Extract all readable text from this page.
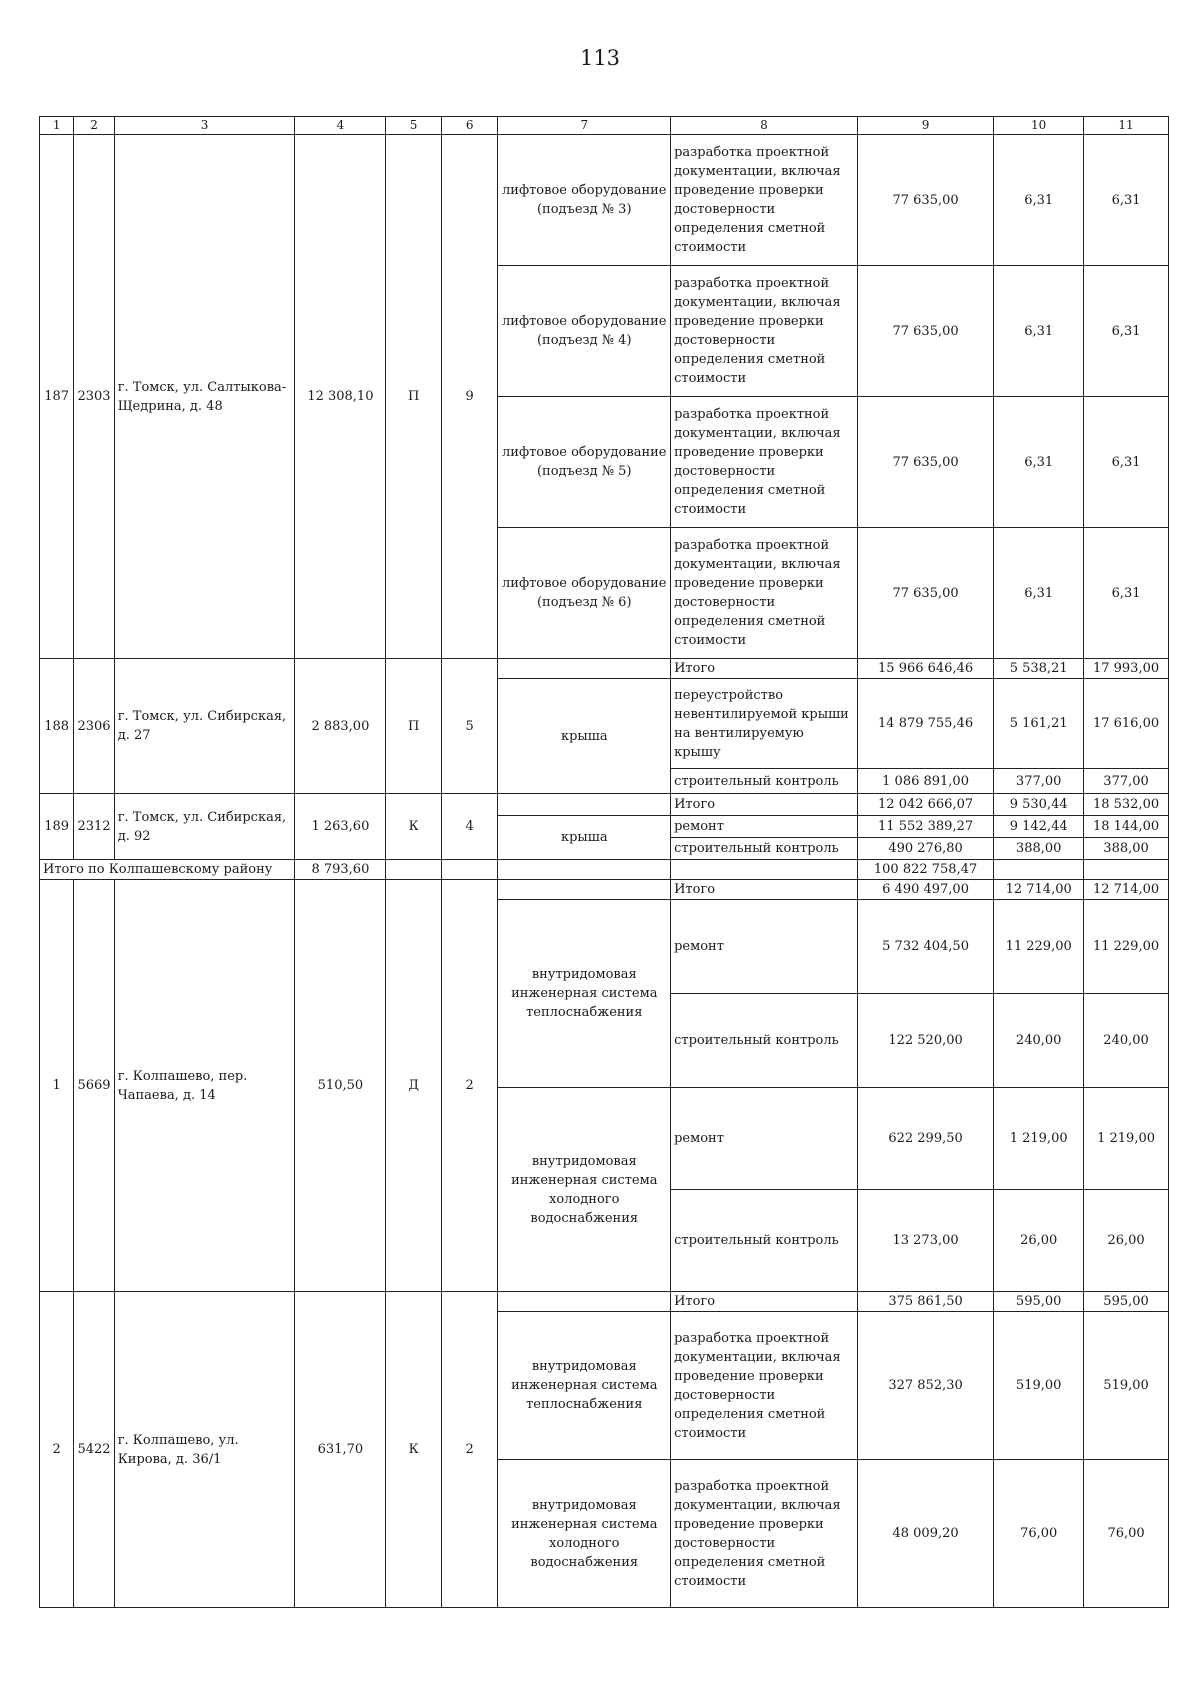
113
1	2	3	4	5	6	7	8	9	10	11
187	2303	г. Томск, ул. Салтыкова-Щедрина, д. 48	12 308,10	П	9	лифтовое оборудование (подъезд № 3)	разработка проектной документации, включая проведение проверки достоверности определения сметной стоимости	77 635,00	6,31	6,31
						лифтовое оборудование (подъезд № 4)	разработка проектной документации, включая проведение проверки достоверности определения сметной стоимости	77 635,00	6,31	6,31
						лифтовое оборудование (подъезд № 5)	разработка проектной документации, включая проведение проверки достоверности определения сметной стоимости	77 635,00	6,31	6,31
						лифтовое оборудование (подъезд № 6)	разработка проектной документации, включая проведение проверки достоверности определения сметной стоимости	77 635,00	6,31	6,31
188	2306	г. Томск, ул. Сибирская, д. 27	2 883,00	П	5		Итого	15 966 646,46	5 538,21	17 993,00
						крыша	переустройство невентилируемой крыши на вентилируемую крышу	14 879 755,46	5 161,21	17 616,00
							строительный контроль	1 086 891,00	377,00	377,00
189	2312	г. Томск, ул. Сибирская, д. 92	1 263,60	К	4		Итого	12 042 666,07	9 530,44	18 532,00
						крыша	ремонт	11 552 389,27	9 142,44	18 144,00
							строительный контроль	490 276,80	388,00	388,00
Итого по Колпашевскому району			8 793,60					100 822 758,47		
1	5669	г. Колпашево, пер. Чапаева, д. 14	510,50	Д	2		Итого	6 490 497,00	12 714,00	12 714,00
						внутридомовая инженерная система теплоснабжения	ремонт	5 732 404,50	11 229,00	11 229,00
							строительный контроль	122 520,00	240,00	240,00
						внутридомовая инженерная система холодного водоснабжения	ремонт	622 299,50	1 219,00	1 219,00
							строительный контроль	13 273,00	26,00	26,00
2	5422	г. Колпашево, ул. Кирова, д. 36/1	631,70	К	2		Итого	375 861,50	595,00	595,00
						внутридомовая инженерная система теплоснабжения	разработка проектной документации, включая проведение проверки достоверности определения сметной стоимости	327 852,30	519,00	519,00
						внутридомовая инженерная система холодного водоснабжения	разработка проектной документации, включая проведение проверки достоверности определения сметной стоимости	48 009,20	76,00	76,00
